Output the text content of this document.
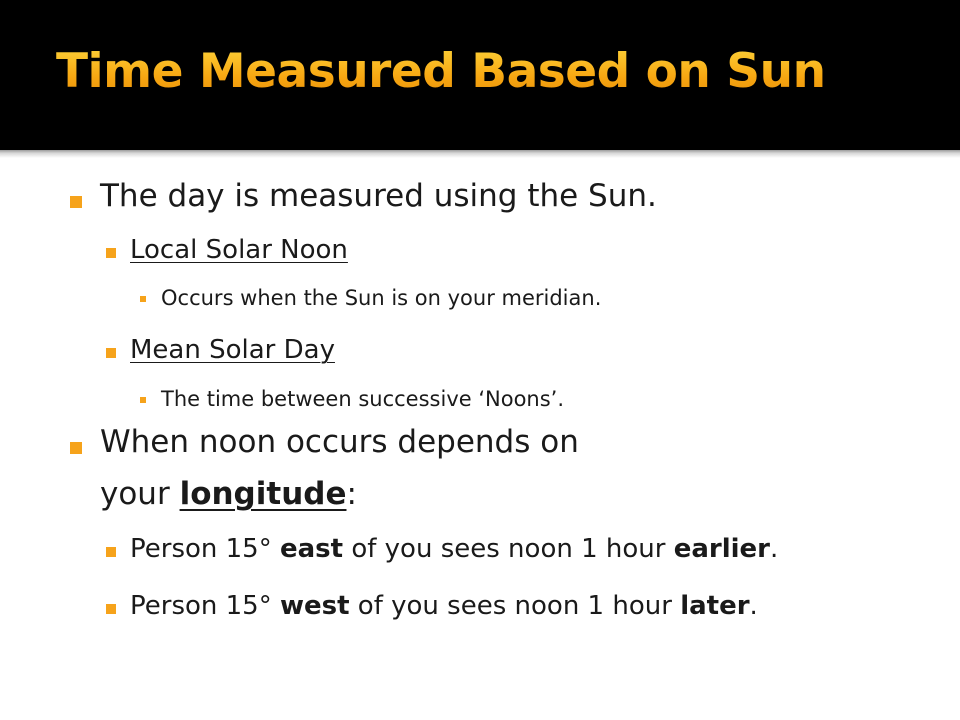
Time Measured Based on Sun
The day is measured using the Sun.
Local Solar Noon
Occurs when the Sun is on your meridian.
Mean Solar Day
The time between successive ‘Noons’.
When noon occurs depends on
your longitude:
Person 15° east of you sees noon 1 hour earlier.
Person 15° west of you sees noon 1 hour later.
